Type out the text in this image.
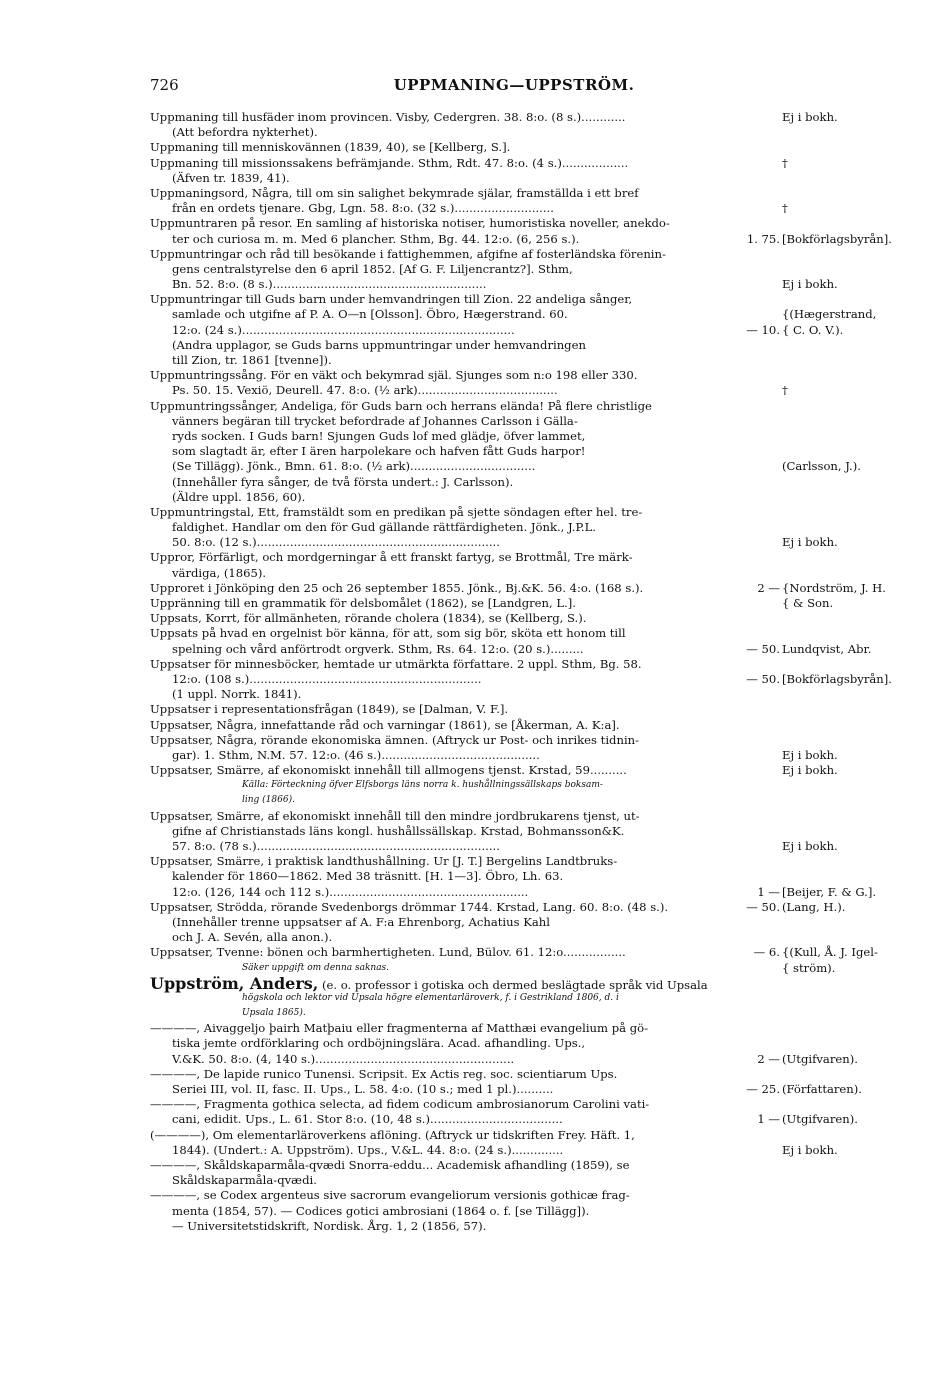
726	UPPMANING—UPPSTRÖM.
Uppmaning till husfäder inom provincen. Visby, Cedergren. 38. 8:o. (8 s.)............	Ej i bokh.
(Att befordra nykterhet).
Uppmaning till menniskovännen (1839, 40), se [Kellberg, S.].
Uppmaning till missionssakens befrämjande. Sthm, Rdt. 47. 8:o. (4 s.)..................	†
(Äfven tr. 1839, 41).
Uppmaningsord, Några, till om sin salighet bekymrade själar, framställda i ett bref
från en ordets tjenare. Gbg, Lgn. 58. 8:o. (32 s.)...........................	†
Uppmuntraren på resor. En samling af historiska notiser, humoristiska noveller, anekdo-
ter och curiosa m. m. Med 6 plancher. Sthm, Bg. 44. 12:o. (6, 256 s.).	1. 75. [Bokförlagsbyrån].
Uppmuntringar och råd till besökande i fattighemmen, afgifne af fosterländska förenin-
gens centralstyrelse den 6 april 1852. [Af G. F. Liljencrantz?]. Sthm,
Bn. 52. 8:o. (8 s.)..........................................................	Ej i bokh.
Uppmuntringar till Guds barn under hemvandringen till Zion. 22 andeliga sånger,
samlade och utgifne af P. A. O—n [Olsson]. Öbro, Hægerstrand. 60.	{(Hægerstrand,
12:o. (24 s.)..........................................................................	— 10. { C. O. V.).
(Andra upplagor, se Guds barns uppmuntringar under hemvandringen
till Zion, tr. 1861 [tvenne]).
Uppmuntringssång. För en väkt och bekymrad själ. Sjunges som n:o 198 eller 330.
Ps. 50. 15. Vexiö, Deurell. 47. 8:o. (½ ark)......................................	†
Uppmuntringssånger, Andeliga, för Guds barn och herrans elända! På flere christlige
vänners begäran till trycket befordrade af Johannes Carlsson i Gälla-
ryds socken. I Guds barn! Sjungen Guds lof med glädje, öfver lammet,
som slagtadt är, efter I ären harpolekare och hafven fått Guds harpor!
(Se Tillägg). Jönk., Bmn. 61. 8:o. (½ ark)..................................	(Carlsson, J.).
(Innehåller fyra sånger, de två första undert.: J. Carlsson).
(Äldre uppl. 1856, 60).
Uppmuntringstal, Ett, framstäldt som en predikan på sjette söndagen efter hel. tre-
faldighet. Handlar om den för Gud gällande rättfärdigheten. Jönk., J.P.L.
50. 8:o. (12 s.)..................................................................	Ej i bokh.
Uppror, Förfärligt, och mordgerningar å ett franskt fartyg, se Brottmål, Tre märk-
värdiga, (1865).
Upproret i Jönköping den 25 och 26 september 1855. Jönk., Bj.&K. 56. 4:o. (168 s.).	2 — {Nordström, J. H.
Uppränning till en grammatik för delsbomålet (1862), se [Landgren, L.].	{ & Son.
Uppsats, Korrt, för allmänheten, rörande cholera (1834), se (Kellberg, S.).
Uppsats på hvad en orgelnist bör känna, för att, som sig bör, sköta ett honom till
spelning och vård anförtrodt orgverk. Sthm, Rs. 64. 12:o. (20 s.).........	— 50. Lundqvist, Abr.
Uppsatser för minnesböcker, hemtade ur utmärkta författare. 2 uppl. Sthm, Bg. 58.
12:o. (108 s.)...............................................................	— 50. [Bokförlagsbyrån].
(1 uppl. Norrk. 1841).
Uppsatser i representationsfrågan (1849), se [Dalman, V. F.].
Uppsatser, Några, innefattande råd och varningar (1861), se [Åkerman, A. K:a].
Uppsatser, Några, rörande ekonomiska ämnen. (Aftryck ur Post- och inrikes tidnin-
gar). 1. Sthm, N.M. 57. 12:o. (46 s.)...........................................	Ej i bokh.
Uppsatser, Smärre, af ekonomiskt innehåll till allmogens tjenst. Krstad, 59..........	Ej i bokh.
Källa: Förteckning öfver Elfsborgs läns norra k. hushållningssällskaps boksam-
ling (1866).
Uppsatser, Smärre, af ekonomiskt innehåll till den mindre jordbrukarens tjenst, ut-
gifne af Christianstads läns kongl. hushållssällskap. Krstad, Bohmansson&K.
57. 8:o. (78 s.)..................................................................	Ej i bokh.
Uppsatser, Smärre, i praktisk landthushållning. Ur [J. T.] Bergelins Landtbruks-
kalender för 1860—1862. Med 38 träsnitt. [H. 1—3]. Öbro, Lh. 63.
12:o. (126, 144 och 112 s.)......................................................	1 — [Beijer, F. & G.].
Uppsatser, Strödda, rörande Svedenborgs drömmar 1744. Krstad, Lang. 60. 8:o. (48 s.).	— 50. (Lang, H.).
(Innehåller trenne uppsatser af A. F:a Ehrenborg, Achatius Kahl
och J. A. Sevén, alla anon.).
Uppsatser, Tvenne: bönen och barmhertigheten. Lund, Bülov. 61. 12:o.................	— 6. {(Kull, Å. J. Igel-
Säker uppgift om denna saknas.	{ ström).
Uppström, Anders, (e. o. professor i gotiska och dermed beslägtade språk vid Upsala
högskola och lektor vid Upsala högre elementarläroverk, f. i Gestrikland 1806, d. i
Upsala 1865).
————, Aivaggeljo þairh Matþaiu eller fragmenterna af Matthæi evangelium på gö-
tiska jemte ordförklaring och ordböjningslära. Acad. afhandling. Ups.,
V.&K. 50. 8:o. (4, 140 s.)......................................................	2 — (Utgifvaren).
————, De lapide runico Tunensi. Scripsit. Ex Actis reg. soc. scientiarum Ups.
Seriei III, vol. II, fasc. II. Ups., L. 58. 4:o. (10 s.; med 1 pl.)..........	— 25. (Författaren).
————, Fragmenta gothica selecta, ad fidem codicum ambrosianorum Carolini vati-
cani, edidit. Ups., L. 61. Stor 8:o. (10, 48 s.)....................................	1 — (Utgifvaren).
(————), Om elementarläroverkens aflöning. (Aftryck ur tidskriften Frey. Häft. 1,
1844). (Undert.: A. Uppström). Ups., V.&L. 44. 8:o. (24 s.)..............	Ej i bokh.
————, Skåldskaparmåla-qvædi Snorra-eddu... Academisk afhandling (1859), se
Skåldskaparmåla-qvædi.
————, se Codex argenteus sive sacrorum evangeliorum versionis gothicæ frag-
menta (1854, 57). — Codices gotici ambrosiani (1864 o. f. [se Tillägg]).
— Universitetstidskrift, Nordisk. Årg. 1, 2 (1856, 57).
